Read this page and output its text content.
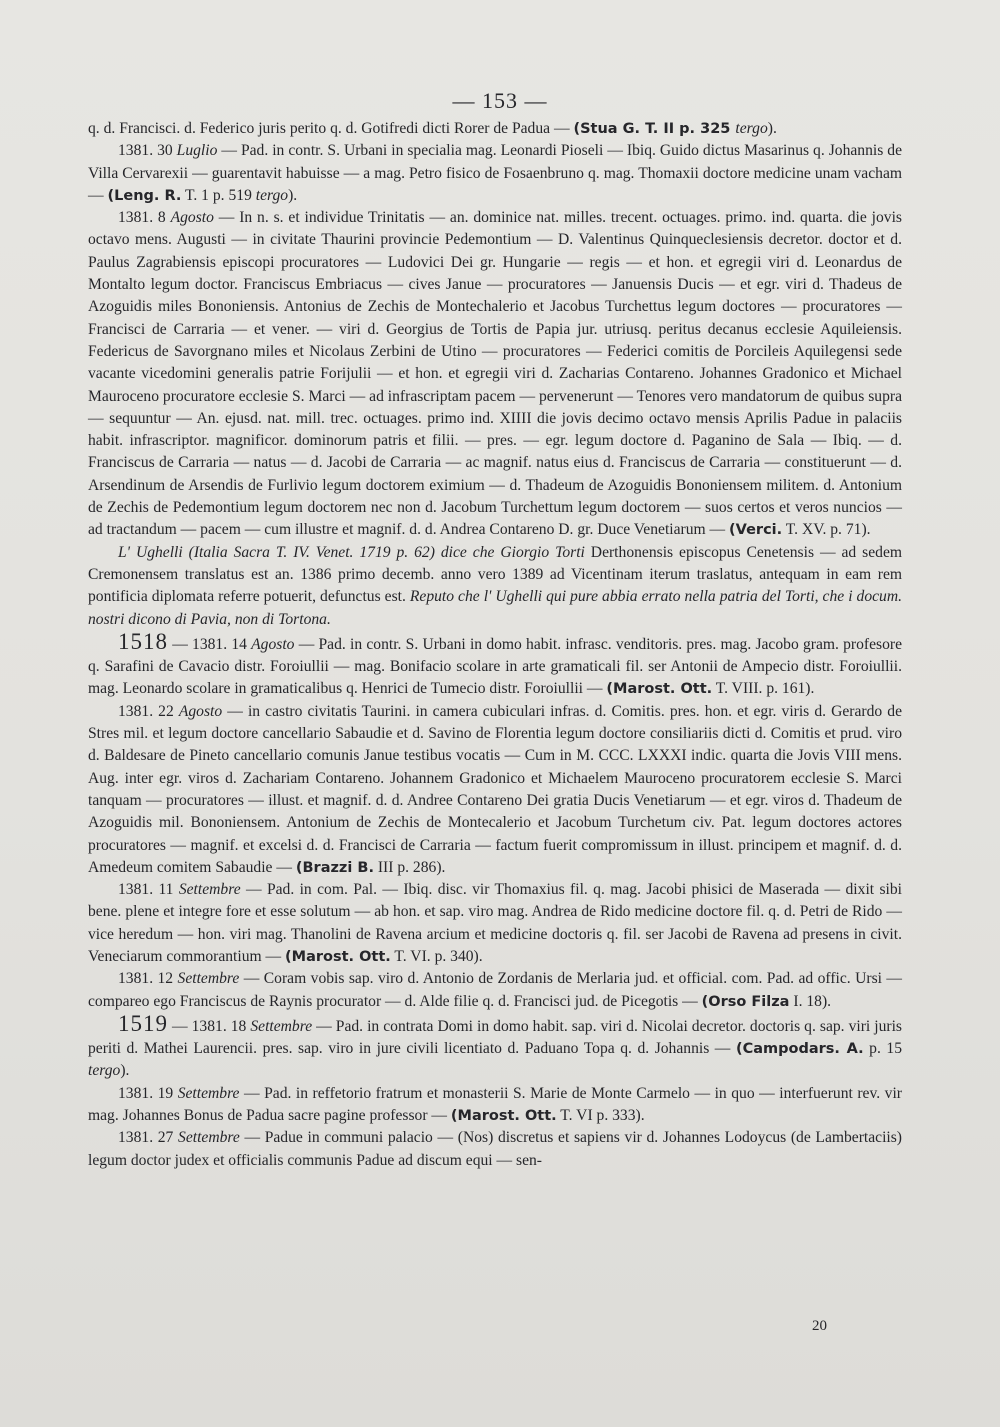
— 153 —

q. d. Francisci. d. Federico juris perito q. d. Gotifredi dicti Rorer de Padua — (Stua G. T. II p. 325 tergo).

1381. 30 Luglio — Pad. in contr. S. Urbani in specialia mag. Leonardi Pioseli — Ibiq. Guido dictus Masarinus q. Johannis de Villa Cervarexii — guarentavit habuisse — a mag. Petro fisico de Fosaenbruno q. mag. Thomaxii doctore medicine unam vacham — (Leng. R. T. 1 p. 519 tergo).

1381. 8 Agosto — In n. s. et individue Trinitatis — an. dominice nat. milles. trecent. octuages. primo. ind. quarta. die jovis octavo mens. Augusti — in civitate Thaurini provincie Pedemontium — D. Valentinus Quinqueclesiensis decretor. doctor et d. Paulus Zagrabiensis episcopi procuratores — Ludovici Dei gr. Hungarie — regis — et hon. et egregii viri d. Leonardus de Montalto legum doctor. Franciscus Embriacus — cives Janue — procuratores — Januensis Ducis — et egr. viri d. Thadeus de Azoguidis miles Bononiensis. Antonius de Zechis de Montechalerio et Jacobus Turchettus legum doctores — procuratores — Francisci de Carraria — et vener. — viri d. Georgius de Tortis de Papia jur. utriusq. peritus decanus ecclesie Aquileiensis. Federicus de Savorgnano miles et Nicolaus Zerbini de Utino — procuratores — Federici comitis de Porcileis Aquilegensi sede vacante vicedomini generalis patrie Forijulii — et hon. et egregii viri d. Zacharias Contareno. Johannes Gradonico et Michael Mauroceno procuratore ecclesie S. Marci — ad infrascriptam pacem — pervenerunt — Tenores vero mandatorum de quibus supra — sequuntur — An. ejusd. nat. mill. trec. octuages. primo ind. XIIII die jovis decimo octavo mensis Aprilis Padue in palaciis habit. infrascriptor. magnificor. dominorum patris et filii. — pres. — egr. legum doctore d. Paganino de Sala — Ibiq. — d. Franciscus de Carraria — natus — d. Jacobi de Carraria — ac magnif. natus eius d. Franciscus de Carraria — constituerunt — d. Arsendinum de Arsendis de Furlivio legum doctorem eximium — d. Thadeum de Azoguidis Bononiensem militem. d. Antonium de Zechis de Pedemontium legum doctorem nec non d. Jacobum Turchettum legum doctorem — suos certos et veros nuncios — ad tractandum — pacem — cum illustre et magnif. d. d. Andrea Contareno D. gr. Duce Venetiarum — (Verci. T. XV. p. 71).

L' Ughelli (Italia Sacra T. IV. Venet. 1719 p. 62) dice che Giorgio Torti Derthonensis episcopus Cenetensis — ad sedem Cremonensem translatus est an. 1386 primo decemb. anno vero 1389 ad Vicentinam iterum traslatus, antequam in eam rem pontificia diplomata referre potuerit, defunctus est. Reputo che l' Ughelli qui pure abbia errato nella patria del Torti, che i docum. nostri dicono di Pavia, non di Tortona.

1518 — 1381. 14 Agosto — Pad. in contr. S. Urbani in domo habit. infrasc. venditoris. pres. mag. Jacobo gram. profesore q. Sarafini de Cavacio distr. Foroiullii — mag. Bonifacio scolare in arte gramaticali fil. ser Antonii de Ampecio distr. Foroiullii. mag. Leonardo scolare in gramaticalibus q. Henrici de Tumecio distr. Foroiullii — (Marost. Ott. T. VIII. p. 161).

1381. 22 Agosto — in castro civitatis Taurini. in camera cubiculari infras. d. Comitis. pres. hon. et egr. viris d. Gerardo de Stres mil. et legum doctore cancellario Sabaudie et d. Savino de Florentia legum doctore consiliariis dicti d. Comitis et prud. viro d. Baldesare de Pineto cancellario comunis Janue testibus vocatis — Cum in M. CCC. LXXXI indic. quarta die Jovis VIII mens. Aug. inter egr. viros d. Zachariam Contareno. Johannem Gradonico et Michaelem Mauroceno procuratorem ecclesie S. Marci tanquam — procuratores — illust. et magnif. d. d. Andree Contareno Dei gratia Ducis Venetiarum — et egr. viros d. Thadeum de Azoguidis mil. Bononiensem. Antonium de Zechis de Montecalerio et Jacobum Turchetum civ. Pat. legum doctores actores procuratores — magnif. et excelsi d. d. Francisci de Carraria — factum fuerit compromissum in illust. principem et magnif. d. d. Amedeum comitem Sabaudie — (Brazzi B. III p. 286).

1381. 11 Settembre — Pad. in com. Pal. — Ibiq. disc. vir Thomaxius fil. q. mag. Jacobi phisici de Maserada — dixit sibi bene. plene et integre fore et esse solutum — ab hon. et sap. viro mag. Andrea de Rido medicine doctore fil. q. d. Petri de Rido — vice heredum — hon. viri mag. Thanolini de Ravena arcium et medicine doctoris q. fil. ser Jacobi de Ravena ad presens in civit. Veneciarum commorantium — (Marost. Ott. T. VI. p. 340).

1381. 12 Settembre — Coram vobis sap. viro d. Antonio de Zordanis de Merlaria jud. et official. com. Pad. ad offic. Ursi — compareo ego Franciscus de Raynis procurator — d. Alde filie q. d. Francisci jud. de Picegotis — (Orso Filza I. 18).

1519 — 1381. 18 Settembre — Pad. in contrata Domi in domo habit. sap. viri d. Nicolai decretor. doctoris q. sap. viri juris periti d. Mathei Laurencii. pres. sap. viro in jure civili licentiato d. Paduano Topa q. d. Johannis — (Campodars. A. p. 15 tergo).

1381. 19 Settembre — Pad. in reffetorio fratrum et monasterii S. Marie de Monte Carmelo — in quo — interfuerunt rev. vir mag. Johannes Bonus de Padua sacre pagine professor — (Marost. Ott. T. VI p. 333).

1381. 27 Settembre — Padue in communi palacio — (Nos) discretus et sapiens vir d. Johannes Lodoycus (de Lambertaciis) legum doctor judex et officialis communis Padue ad discum equi — sen-

20
